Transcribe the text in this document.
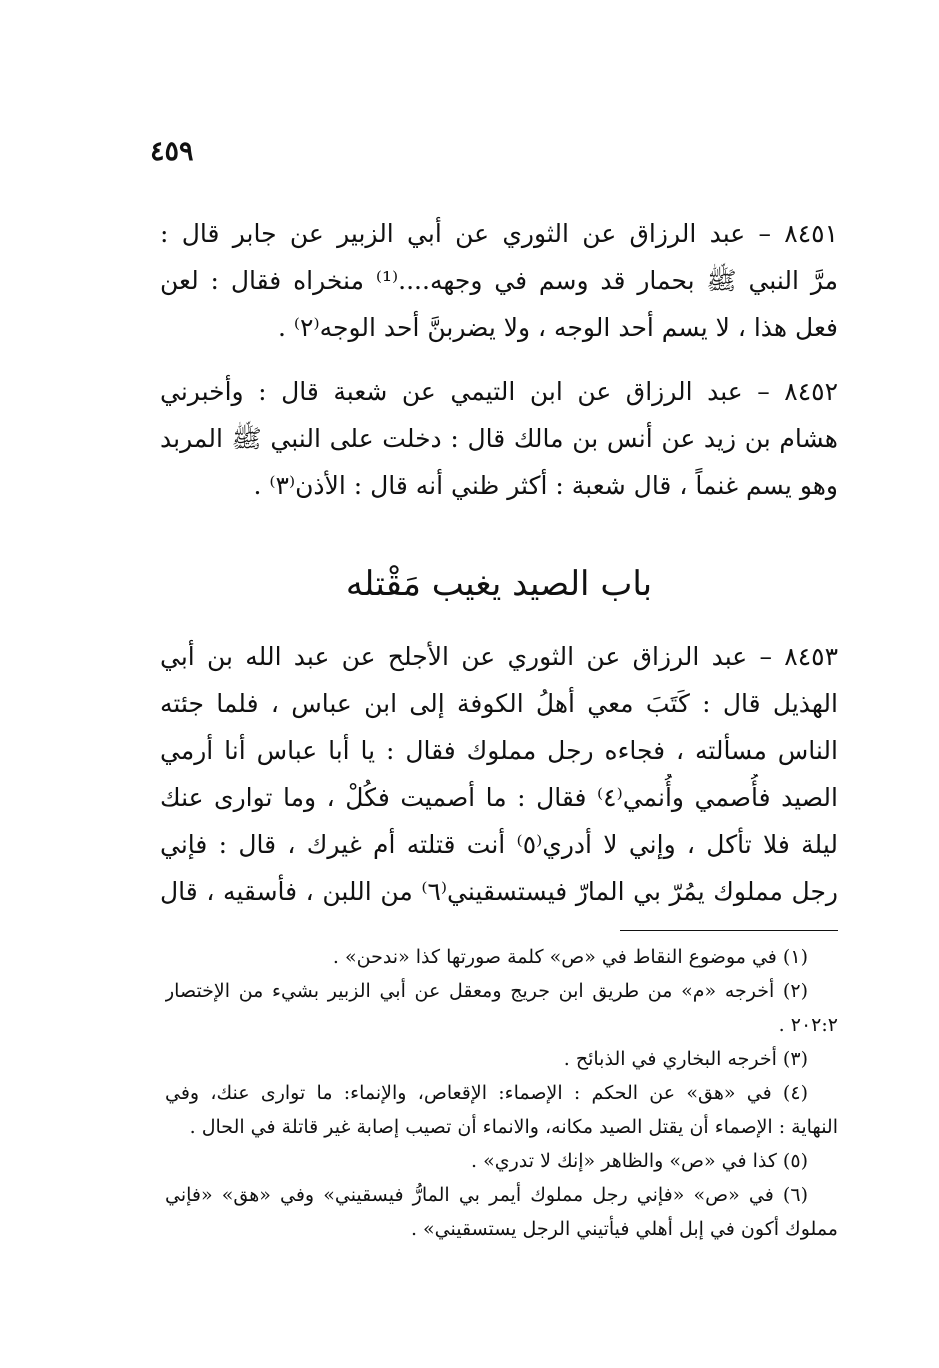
٤٥٩
٨٤٥١ – عبد الرزاق عن الثوري عن أبي الزبير عن جابر قال :
مرَّ النبي ﷺ بحمار قد وسم في وجهه....⁽¹⁾ منخراه فقال : لعن
فعل هذا ، لا يسم أحد الوجه ، ولا يضربنَّ أحد الوجه⁽٢⁾ .
٨٤٥٢ – عبد الرزاق عن ابن التيمي عن شعبة قال : وأخبرني
هشام بن زيد عن أنس بن مالك قال : دخلت على النبي ﷺ المربد
وهو يسم غنماً ، قال شعبة : أكثر ظني أنه قال : الأذن⁽٣⁾ .
باب الصيد يغيب مَقْتله
٨٤٥٣ – عبد الرزاق عن الثوري عن الأجلح عن عبد الله بن أبي
الهذيل قال : كَتَبَ معي أهلُ الكوفة إلى ابن عباس ، فلما جئته
الناس مسألته ، فجاءه رجل مملوك فقال : يا أبا عباس أنا أرمي
الصيد فأُصمي وأُنمي⁽٤⁾ فقال : ما أصميت فكُلْ ، وما توارى عنك
ليلة فلا تأكل ، وإني لا أدري⁽٥⁾ أنت قتلته أم غيرك ، قال : فإني
رجل مملوك يمُرّ بي المارّ فيستسقيني⁽٦⁾ من اللبن ، فأسقيه ، قال
(١) في موضوع النقاط في «ص» كلمة صورتها كذا «ندحن» .
(٢) أخرجه «م» من طريق ابن جريج ومعقل عن أبي الزبير بشيء من الإختصار
٢٠٢:٢ .
(٣) أخرجه البخاري في الذبائح .
(٤) في «هق» عن الحكم : الإصماء: الإقعاص، والإنماء: ما توارى عنك، وفي
النهاية : الإصماء أن يقتل الصيد مكانه، والانماء أن تصيب إصابة غير قاتلة في الحال .
(٥) كذا في «ص» والظاهر «إنك لا تدري» .
(٦) في «ص» «فإني رجل مملوك أيمر بي المارُّ فيسقيني» وفي «هق» «فإني
مملوك أكون في إبل أهلي فيأتيني الرجل يستسقيني» .
